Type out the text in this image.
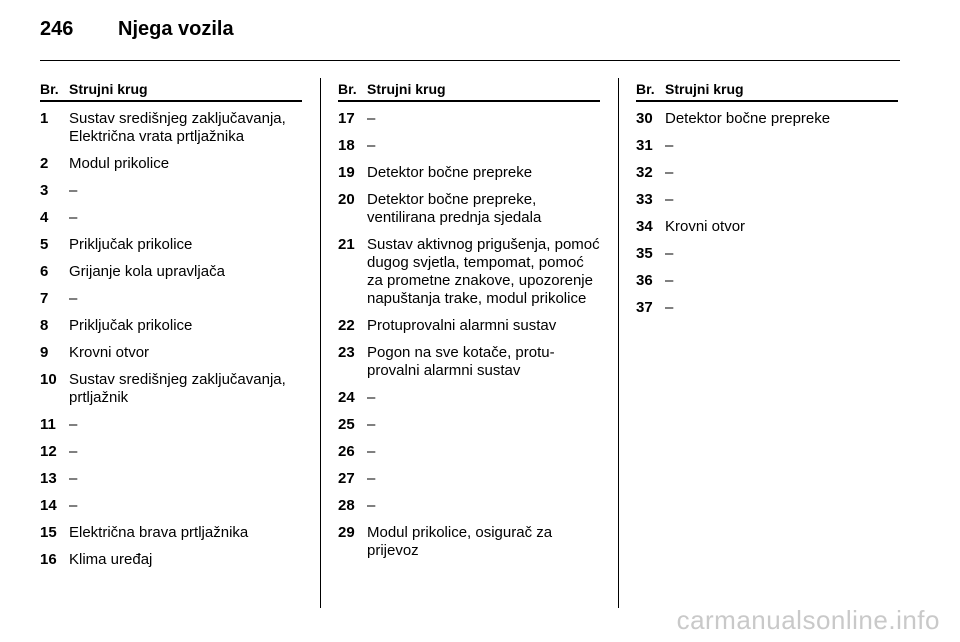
246	Njega vozila
Br. Strujni krug
1	Sustav središnjeg zaključavanja, Električna vrata prtljažnika
2	Modul prikolice
3	–
4	–
5	Priključak prikolice
6	Grijanje kola upravljača
7	–
8	Priključak prikolice
9	Krovni otvor
10 Sustav središnjeg zaključavanja, prtljažnik
11 –
12 –
13 –
14 –
15 Električna brava prtljažnika
16 Klima uređaj
Br. Strujni krug
17 –
18 –
19 Detektor bočne prepreke
20 Detektor bočne prepreke, ventilirana prednja sjedala
21 Sustav aktivnog prigušenja, pomoć dugog svjetla, tempomat, pomoć za prometne znakove, upozorenje napuštanja trake, modul prikolice
22 Protuprovalni alarmni sustav
23 Pogon na sve kotače, protu-provalni alarmni sustav
24 –
25 –
26 –
27 –
28 –
29 Modul prikolice, osigurač za prijevoz
Br. Strujni krug
30 Detektor bočne prepreke
31 –
32 –
33 –
34 Krovni otvor
35 –
36 –
37 –
carmanualsonline.info
